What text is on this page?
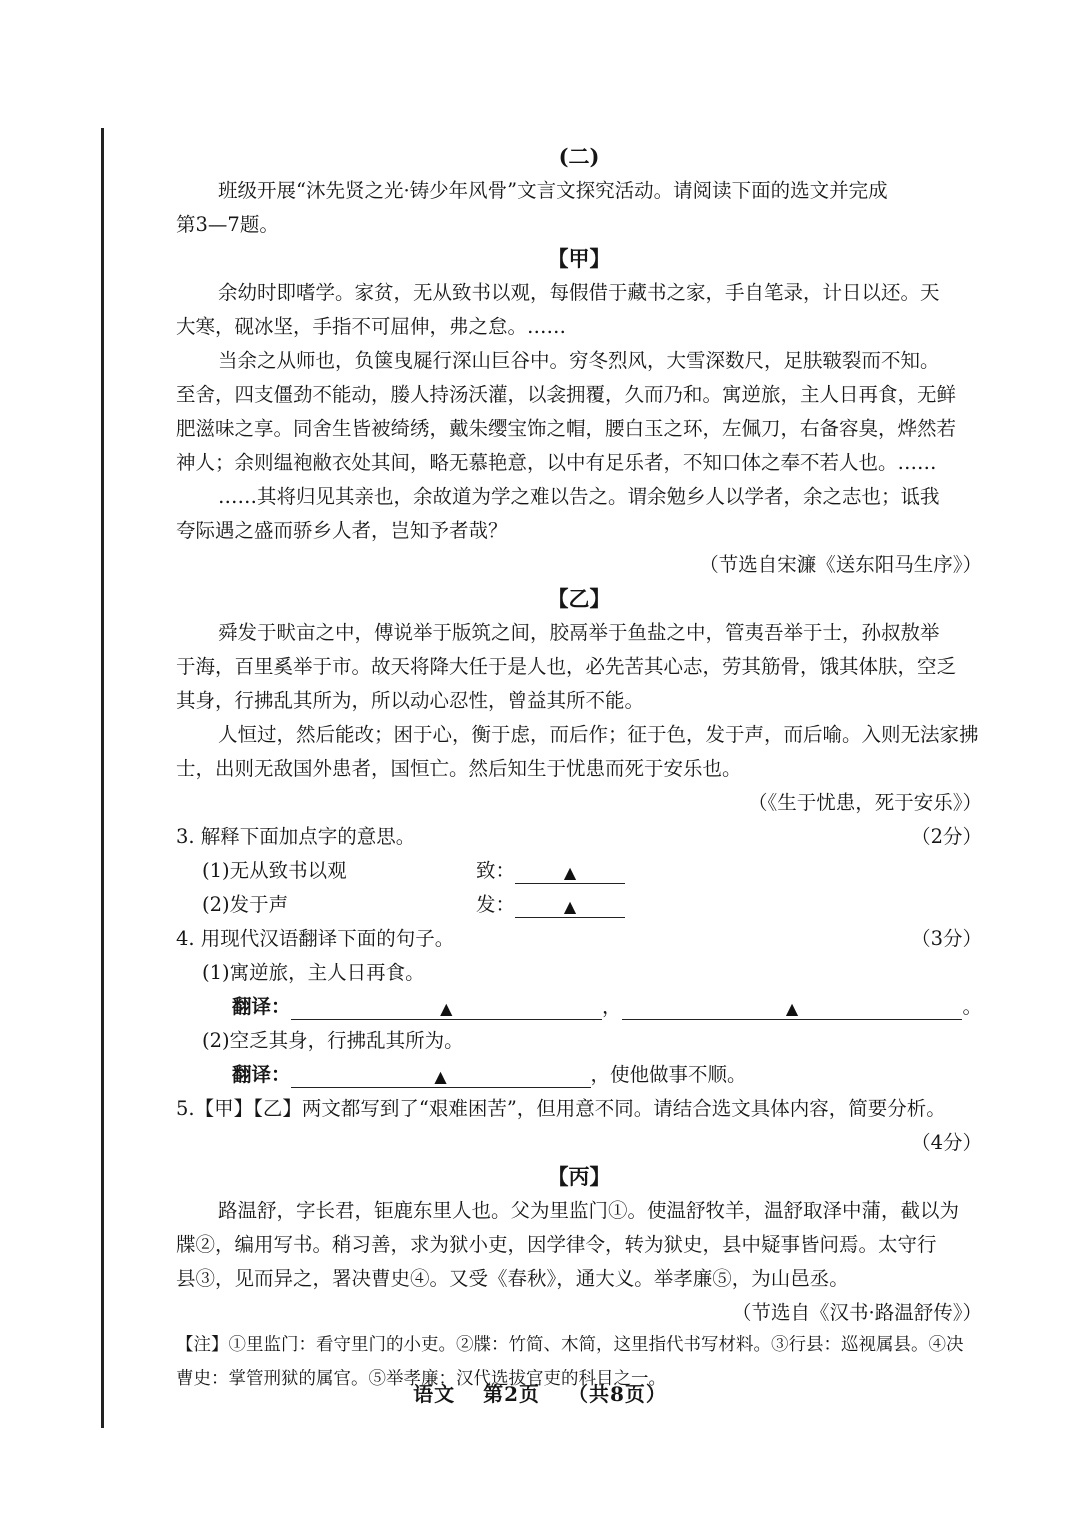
(二)
班级开展“沐先贤之光·铸少年风骨”文言文探究活动。请阅读下面的选文并完成
第3—7题。
【甲】
余幼时即嗜学。家贫，无从致书以观，每假借于藏书之家，手自笔录，计日以还。天
大寒，砚冰坚，手指不可屈伸，弗之怠。……
当余之从师也，负箧曳屣行深山巨谷中。穷冬烈风，大雪深数尺，足肤皲裂而不知。
至舍，四支僵劲不能动，媵人持汤沃灌，以衾拥覆，久而乃和。寓逆旅，主人日再食，无鲜
肥滋味之享。同舍生皆被绮绣，戴朱缨宝饰之帽，腰白玉之环，左佩刀，右备容臭，烨然若
神人；余则缊袍敝衣处其间，略无慕艳意，以中有足乐者，不知口体之奉不若人也。……
……其将归见其亲也，余故道为学之难以告之。谓余勉乡人以学者，余之志也；诋我
夸际遇之盛而骄乡人者，岂知予者哉？
（节选自宋濂《送东阳马生序》）
【乙】
舜发于畎亩之中，傅说举于版筑之间，胶鬲举于鱼盐之中，管夷吾举于士，孙叔敖举
于海，百里奚举于市。故天将降大任于是人也，必先苦其心志，劳其筋骨，饿其体肤，空乏
其身，行拂乱其所为，所以动心忍性，曾益其所不能。
人恒过，然后能改；困于心，衡于虑，而后作；征于色，发于声，而后喻。入则无法家拂
士，出则无敌国外患者，国恒亡。然后知生于忧患而死于安乐也。
（《生于忧患，死于安乐》）
3. 解释下面加点字的意思。	（2分）
(1)无从致书以观	致：	▲
(2)发于声	发：	▲
4. 用现代汉语翻译下面的句子。	（3分）
(1)寓逆旅，主人日再食。
翻译：	▲	，	▲	。
(2)空乏其身，行拂乱其所为。
翻译：	▲	，使他做事不顺。
5.【甲】【乙】两文都写到了“艰难困苦”，但用意不同。请结合选文具体内容，简要分析。
（4分）
【丙】
路温舒，字长君，钜鹿东里人也。父为里监门①。使温舒牧羊，温舒取泽中蒲，截以为
牒②，编用写书。稍习善，求为狱小吏，因学律令，转为狱史，县中疑事皆问焉。太守行
县③，见而异之，署决曹史④。又受《春秋》，通大义。举孝廉⑤，为山邑丞。
（节选自《汉书·路温舒传》）
【注】①里监门：看守里门的小吏。②牒：竹简、木简，这里指代书写材料。③行县：巡视属县。④决
曹史：掌管刑狱的属官。⑤举孝廉：汉代选拔官吏的科目之一。
语文 第2页 （共8页）
